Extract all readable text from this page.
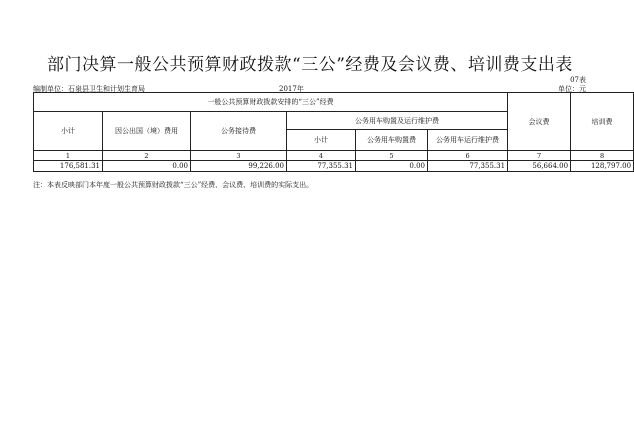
部门决算一般公共预算财政拨款“三公”经费及会议费、培训费支出表
07表
编制单位：石泉县卫生和计划生育局	2017年	单位：元
一般公共预算财政拨款安排的“三公”经费						会议费	培训费
小计	因公出国（境）费用	公务接待费	公务用车购置及运行维护费				
			小计	公务用车购置费	公务用车运行维护费		
1	2	3	4	5	6	7	8
176,581.31	0.00	99,226.00	77,355.31	0.00	77,355.31	56,664.00	128,797.00
注：本表反映部门本年度一般公共预算财政拨款“三公”经费、会议费、培训费的实际支出。
